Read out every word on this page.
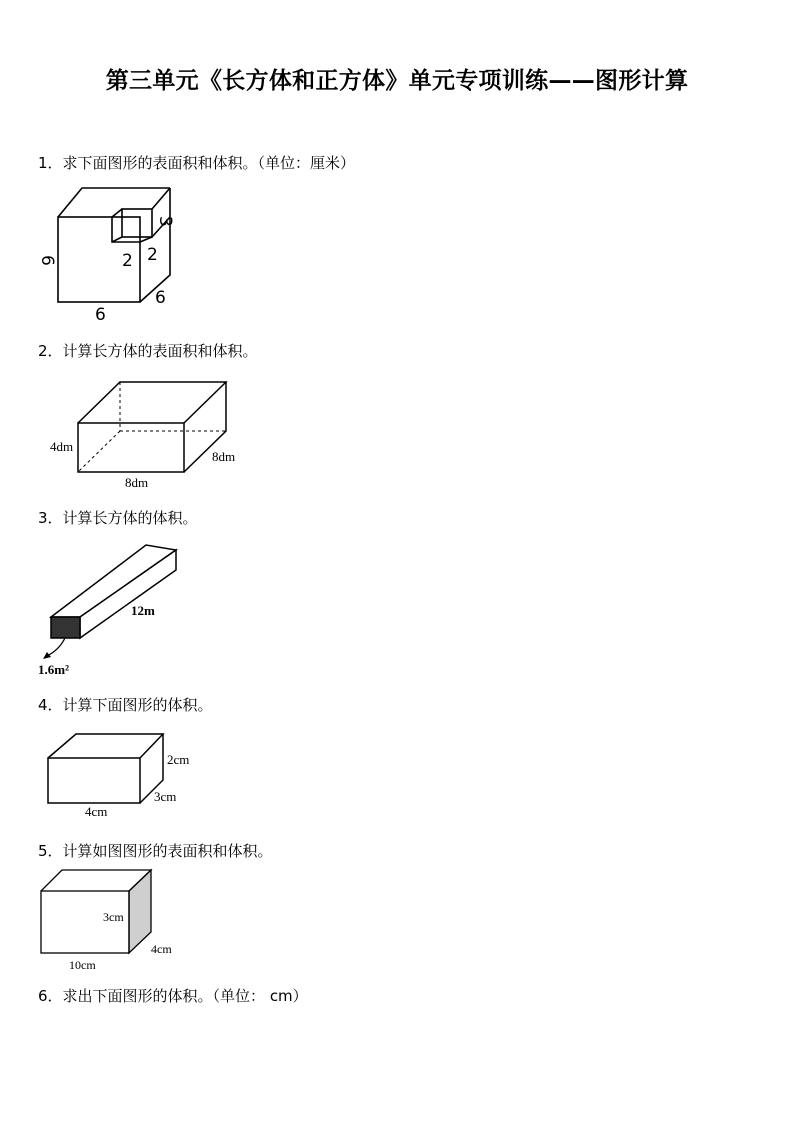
第三单元《长方体和正方体》单元专项训练——图形计算
1．求下面图形的表面积和体积。（单位：厘米）
6
6
6
2 2
3
2．计算长方体的表面积和体积。
4dm
8dm
8dm
3．计算长方体的体积。
12m
1.6m²
4．计算下面图形的体积。
2cm
3cm
4cm
5．计算如图图形的表面积和体积。
3cm
4cm
10cm
6．求出下面图形的体积。（单位： cm）
